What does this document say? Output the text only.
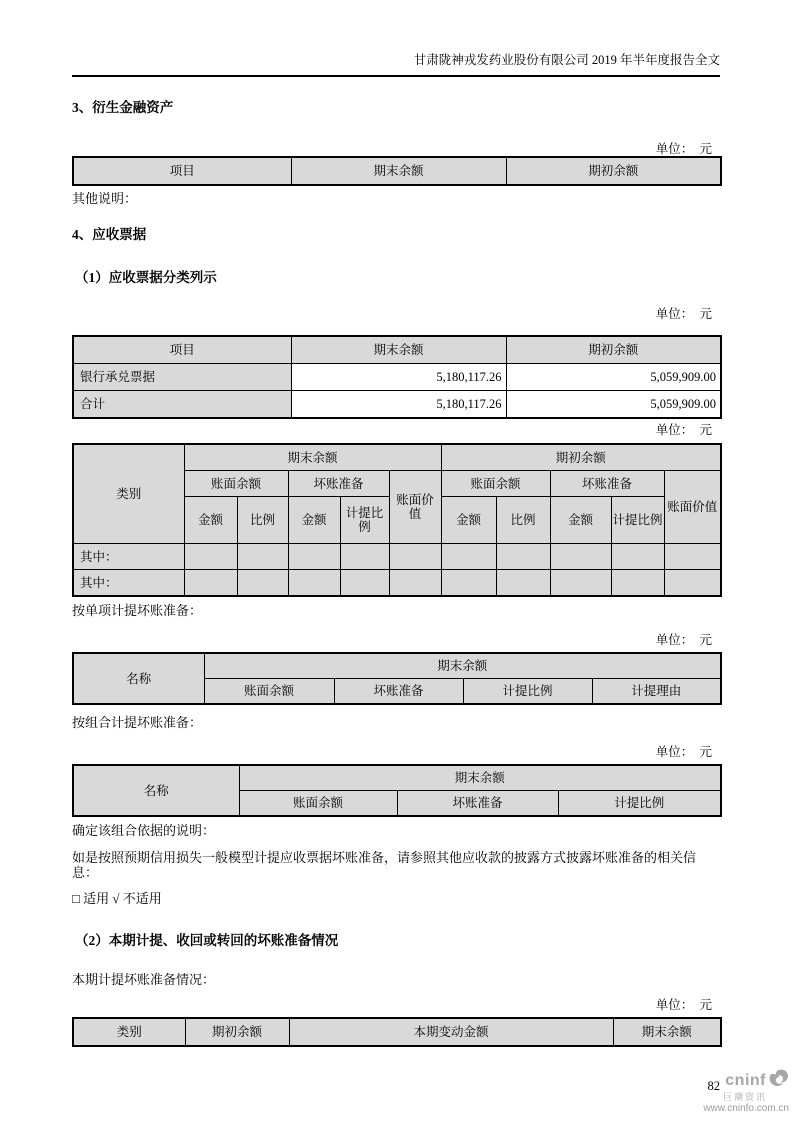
甘肃陇神戎发药业股份有限公司 2019 年半年度报告全文
3、衍生金融资产
单位：  元
项目	期末余额	期初余额
其他说明：
4、应收票据
（1）应收票据分类列示
单位：  元
项目	期末余额	期初余额
银行承兑票据	5,180,117.26	5,059,909.00
合计	5,180,117.26	5,059,909.00
单位：  元
类别	期末余额					期初余额				
	账面余额		坏账准备		账面价值	账面余额		坏账准备		账面价值
	金额	比例	金额	计提比例		金额	比例	金额	计提比例	
其中：										
其中：										
按单项计提坏账准备：
单位：  元
名称	期末余额			
	账面余额	坏账准备	计提比例	计提理由
按组合计提坏账准备：
单位：  元
名称	期末余额		
	账面余额	坏账准备	计提比例
确定该组合依据的说明：
如是按照预期信用损失一般模型计提应收票据坏账准备，请参照其他应收款的披露方式披露坏账准备的相关信息：
□ 适用 √ 不适用
（2）本期计提、收回或转回的坏账准备情况
本期计提坏账准备情况：
单位：  元
类别	期初余额	本期变动金额	期末余额
82 cninf
巨潮资讯
www.cninfo.com.cn
